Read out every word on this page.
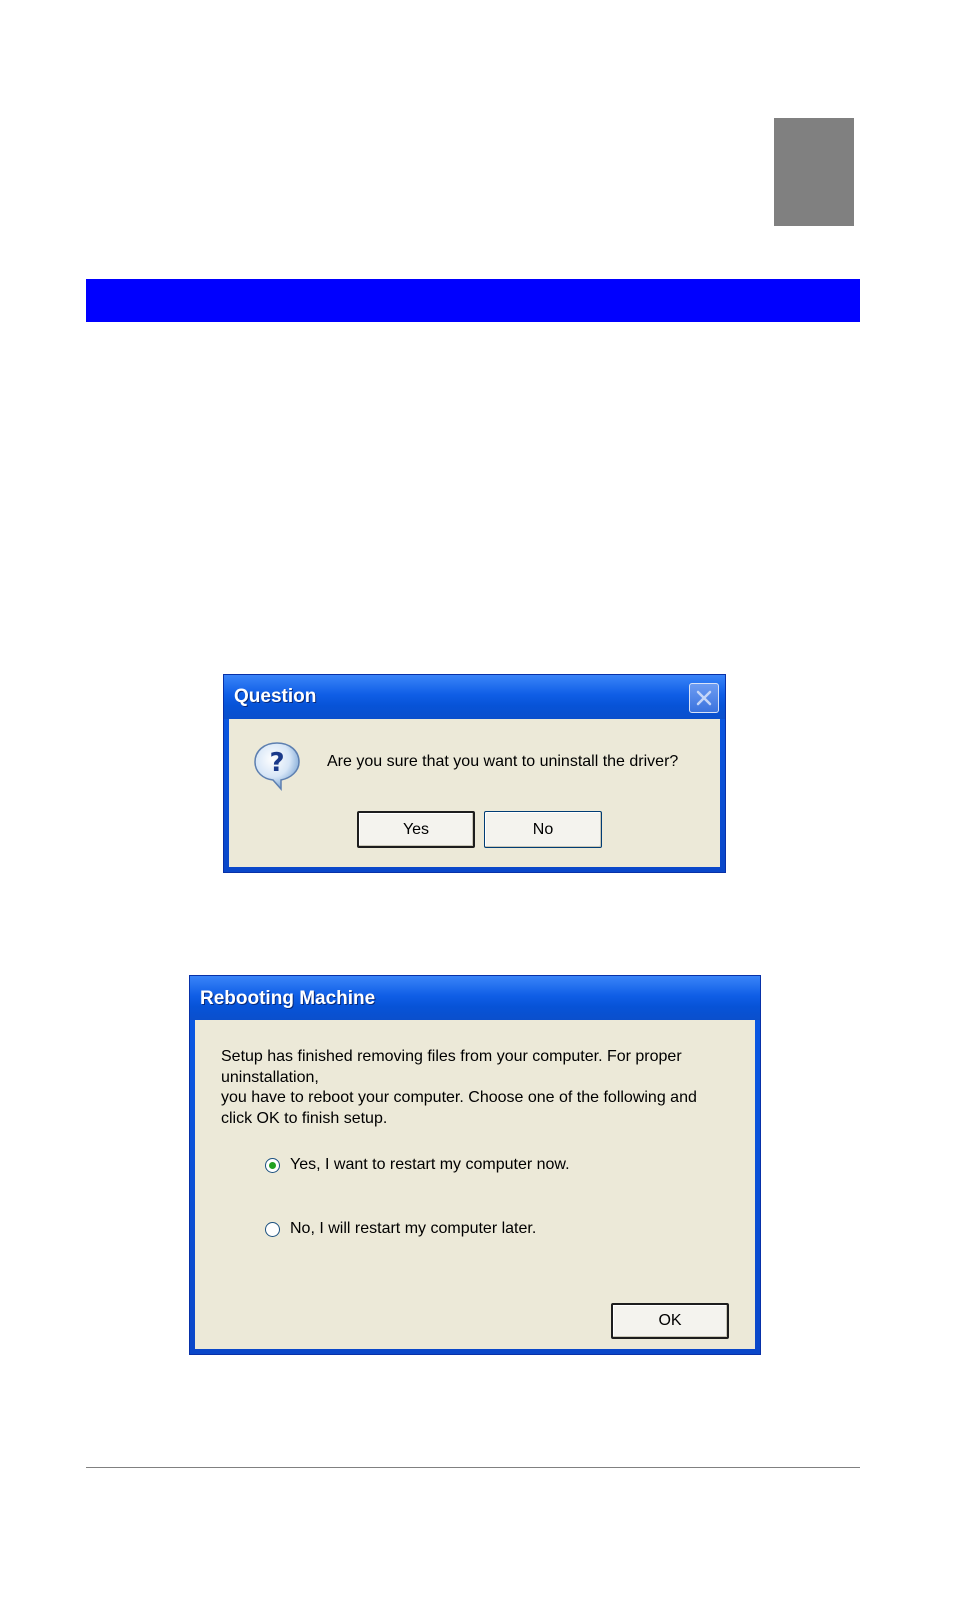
Question
?	Are you sure that you want to uninstall the driver?
Yes	No
Rebooting Machine
Setup has finished removing files from your computer. For proper
uninstallation,
you have to reboot your computer. Choose one of the following and
click OK to finish setup.
Yes, I want to restart my computer now.
No, I will restart my computer later.
OK
